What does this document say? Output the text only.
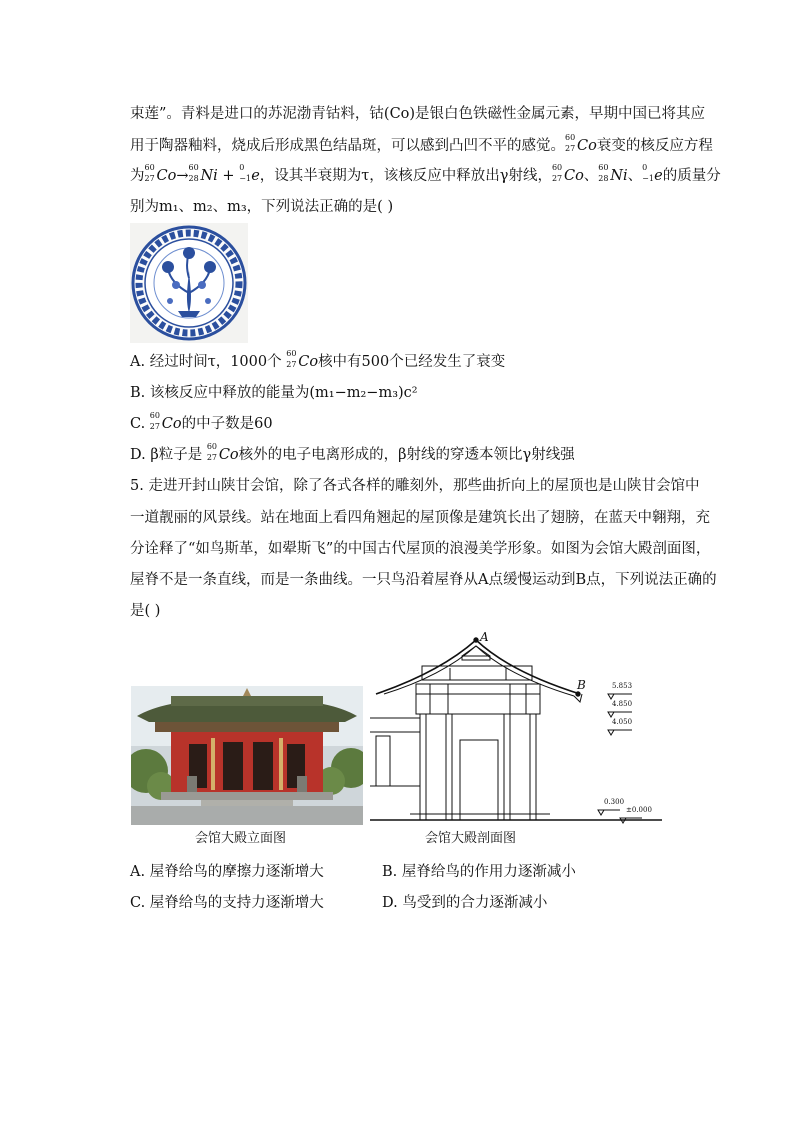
束莲”。青料是进口的苏泥渤青钴料，钴(Co)是银白色铁磁性金属元素，早期中国已将其应
用于陶器釉料，烧成后形成黑色结晶斑，可以感到凸凹不平的感觉。
60
27 Co衰变的核反应方程
为
60
27 Co→
60
28 Ni +
0
−1 e，设其半衰期为τ，该核反应中释放出γ射线，
60
27 Co、
60
28 Ni、
0
−1 e的质量分
别为m₁、m₂、m₃，下列说法正确的是( )
A. 经过时间τ，1000个
60
27 Co核中有500个已经发生了衰变
B. 该核反应中释放的能量为(m₁−m₂−m₃)c²
C.
60
27 Co的中子数是60
D. β粒子是
60
27 Co核外的电子电离形成的，β射线的穿透本领比γ射线强
5. 走进开封山陕甘会馆，除了各式各样的雕刻外，那些曲折向上的屋顶也是山陕甘会馆中
一道靓丽的风景线。站在地面上看四角翘起的屋顶像是建筑长出了翅膀，在蓝天中翱翔，充
分诠释了“如鸟斯革，如翚斯飞”的中国古代屋顶的浪漫美学形象。如图为会馆大殿剖面图，
屋脊不是一条直线，而是一条曲线。一只鸟沿着屋脊从A点缓慢运动到B点，下列说法正确的
是( )
A
B	5.853
4.850
4.050
0.300
±0.000
会馆大殿立面图	会馆大殿剖面图
A. 屋脊给鸟的摩擦力逐渐增大	B. 屋脊给鸟的作用力逐渐减小
C. 屋脊给鸟的支持力逐渐增大	D. 鸟受到的合力逐渐减小
